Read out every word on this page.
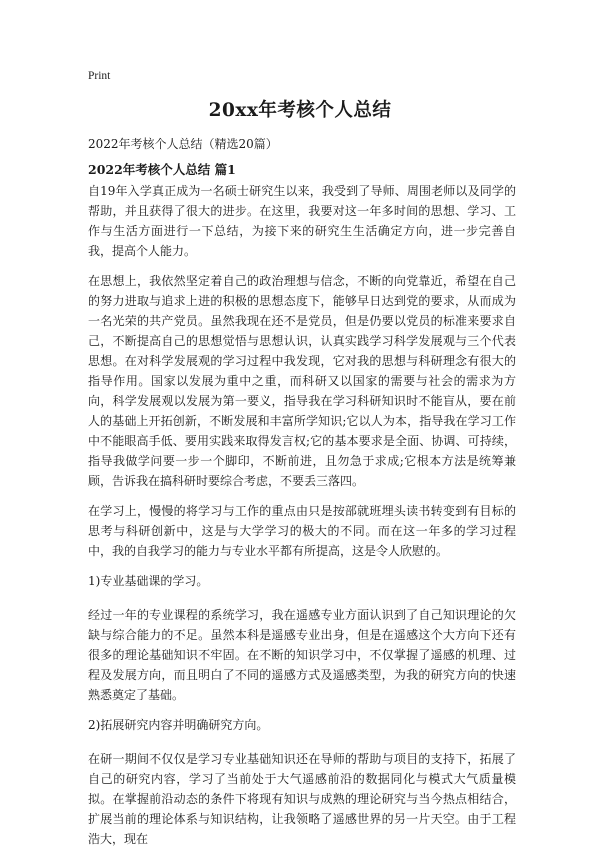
Print
20xx年考核个人总结

2022年考核个人总结（精选20篇）

2022年考核个人总结 篇1

自19年入学真正成为一名硕士研究生以来，我受到了导师、周围老师以及同学的帮助，并且获得了很大的进步。在这里，我要对这一年多时间的思想、学习、工作与生活方面进行一下总结，为接下来的研究生生活确定方向，进一步完善自我，提高个人能力。

在思想上，我依然坚定着自己的政治理想与信念，不断的向党靠近，希望在自己的努力进取与追求上进的积极的思想态度下，能够早日达到党的要求，从而成为一名光荣的共产党员。虽然我现在还不是党员，但是仍要以党员的标准来要求自己，不断提高自己的思想觉悟与思想认识，认真实践学习科学发展观与三个代表思想。在对科学发展观的学习过程中我发现，它对我的思想与科研理念有很大的指导作用。国家以发展为重中之重，而科研又以国家的需要与社会的需求为方向，科学发展观以发展为第一要义，指导我在学习科研知识时不能盲从，要在前人的基础上开拓创新，不断发展和丰富所学知识;它以人为本，指导我在学习工作中不能眼高手低、要用实践来取得发言权;它的基本要求是全面、协调、可持续，指导我做学问要一步一个脚印，不断前进，且勿急于求成;它根本方法是统筹兼顾，告诉我在搞科研时要综合考虑，不要丢三落四。

在学习上，慢慢的将学习与工作的重点由只是按部就班埋头读书转变到有目标的思考与科研创新中，这是与大学学习的极大的不同。而在这一年多的学习过程中，我的自我学习的能力与专业水平都有所提高，这是令人欣慰的。

1)专业基础课的学习。

经过一年的专业课程的系统学习，我在遥感专业方面认识到了自己知识理论的欠缺与综合能力的不足。虽然本科是遥感专业出身，但是在遥感这个大方向下还有很多的理论基础知识不牢固。在不断的知识学习中，不仅掌握了遥感的机理、过程及发展方向，而且明白了不同的遥感方式及遥感类型，为我的研究方向的快速熟悉奠定了基础。

2)拓展研究内容并明确研究方向。

在研一期间不仅仅是学习专业基础知识还在导师的帮助与项目的支持下，拓展了自己的研究内容，学习了当前处于大气遥感前沿的数据同化与模式大气质量模拟。在掌握前沿动态的条件下将现有知识与成熟的理论研究与当今热点相结合，扩展当前的理论体系与知识结构，让我领略了遥感世界的另一片天空。由于工程浩大，现在
